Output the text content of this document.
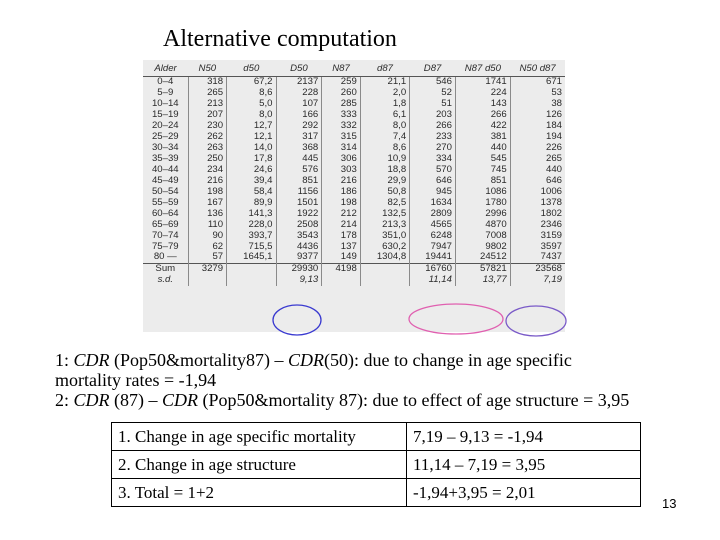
Alternative computation
Alder	N50	d50	D50	N87	d87	D87	N87 d50	N50 d87
0–4	318	67,2	2137	259	21,1	546	1741	671
5–9	265	8,6	228	260	2,0	52	224	53
10–14	213	5,0	107	285	1,8	51	143	38
15–19	207	8,0	166	333	6,1	203	266	126
20–24	230	12,7	292	332	8,0	266	422	184
25–29	262	12,1	317	315	7,4	233	381	194
30–34	263	14,0	368	314	8,6	270	440	226
35–39	250	17,8	445	306	10,9	334	545	265
40–44	234	24,6	576	303	18,8	570	745	440
45–49	216	39,4	851	216	29,9	646	851	646
50–54	198	58,4	1156	186	50,8	945	1086	1006
55–59	167	89,9	1501	198	82,5	1634	1780	1378
60–64	136	141,3	1922	212	132,5	2809	2996	1802
65–69	110	228,0	2508	214	213,3	4565	4870	2346
70–74	90	393,7	3543	178	351,0	6248	7008	3159
75–79	62	715,5	4436	137	630,2	7947	9802	3597
80 —	57	1645,1	9377	149	1304,8	19441	24512	7437
Sum	3279		29930	4198		16760	57821	23568
s.d.			9,13			11,14	13,77	7,19
1: CDR (Pop50&mortality87) – CDR(50): due to change in age specific
mortality rates = -1,94
2: CDR (87) – CDR (Pop50&mortality 87): due to effect of age structure = 3,95
1. Change in age specific mortality	7,19 – 9,13 = -1,94
2. Change in age structure	11,14 – 7,19 = 3,95
3. Total = 1+2	-1,94+3,95 = 2,01
13
